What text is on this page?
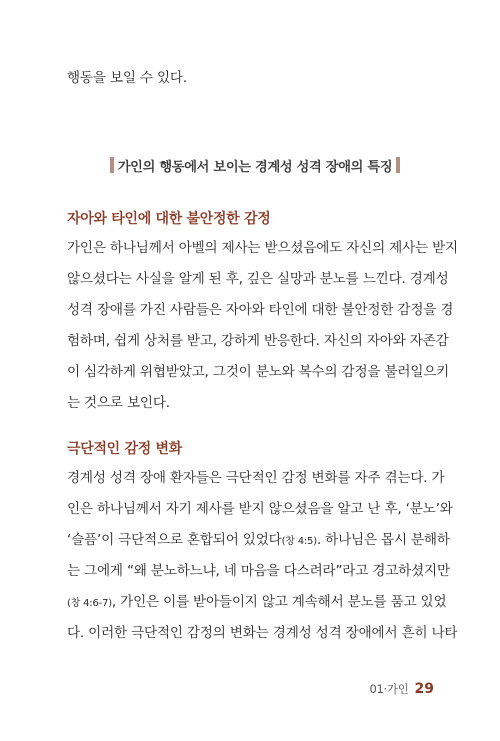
행동을 보일 수 있다.
가인의 행동에서 보이는 경계성 성격 장애의 특징
자아와 타인에 대한 불안정한 감정
가인은 하나님께서 아벨의 제사는 받으셨음에도 자신의 제사는 받지
않으셨다는 사실을 알게 된 후, 깊은 실망과 분노를 느낀다. 경계성
성격 장애를 가진 사람들은 자아와 타인에 대한 불안정한 감정을 경
험하며, 쉽게 상처를 받고, 강하게 반응한다. 자신의 자아와 자존감
이 심각하게 위협받았고, 그것이 분노와 복수의 감정을 불러일으키
는 것으로 보인다.
극단적인 감정 변화
경계성 성격 장애 환자들은 극단적인 감정 변화를 자주 겪는다. 가
인은 하나님께서 자기 제사를 받지 않으셨음을 알고 난 후, ‘분노’와
‘슬픔’이 극단적으로 혼합되어 있었다(창 4:5). 하나님은 몹시 분해하
는 그에게 “왜 분노하느냐, 네 마음을 다스려라”라고 경고하셨지만
(창 4:6-7), 가인은 이를 받아들이지 않고 계속해서 분노를 품고 있었
다. 이러한 극단적인 감정의 변화는 경계성 성격 장애에서 흔히 나타
01·가인 29
